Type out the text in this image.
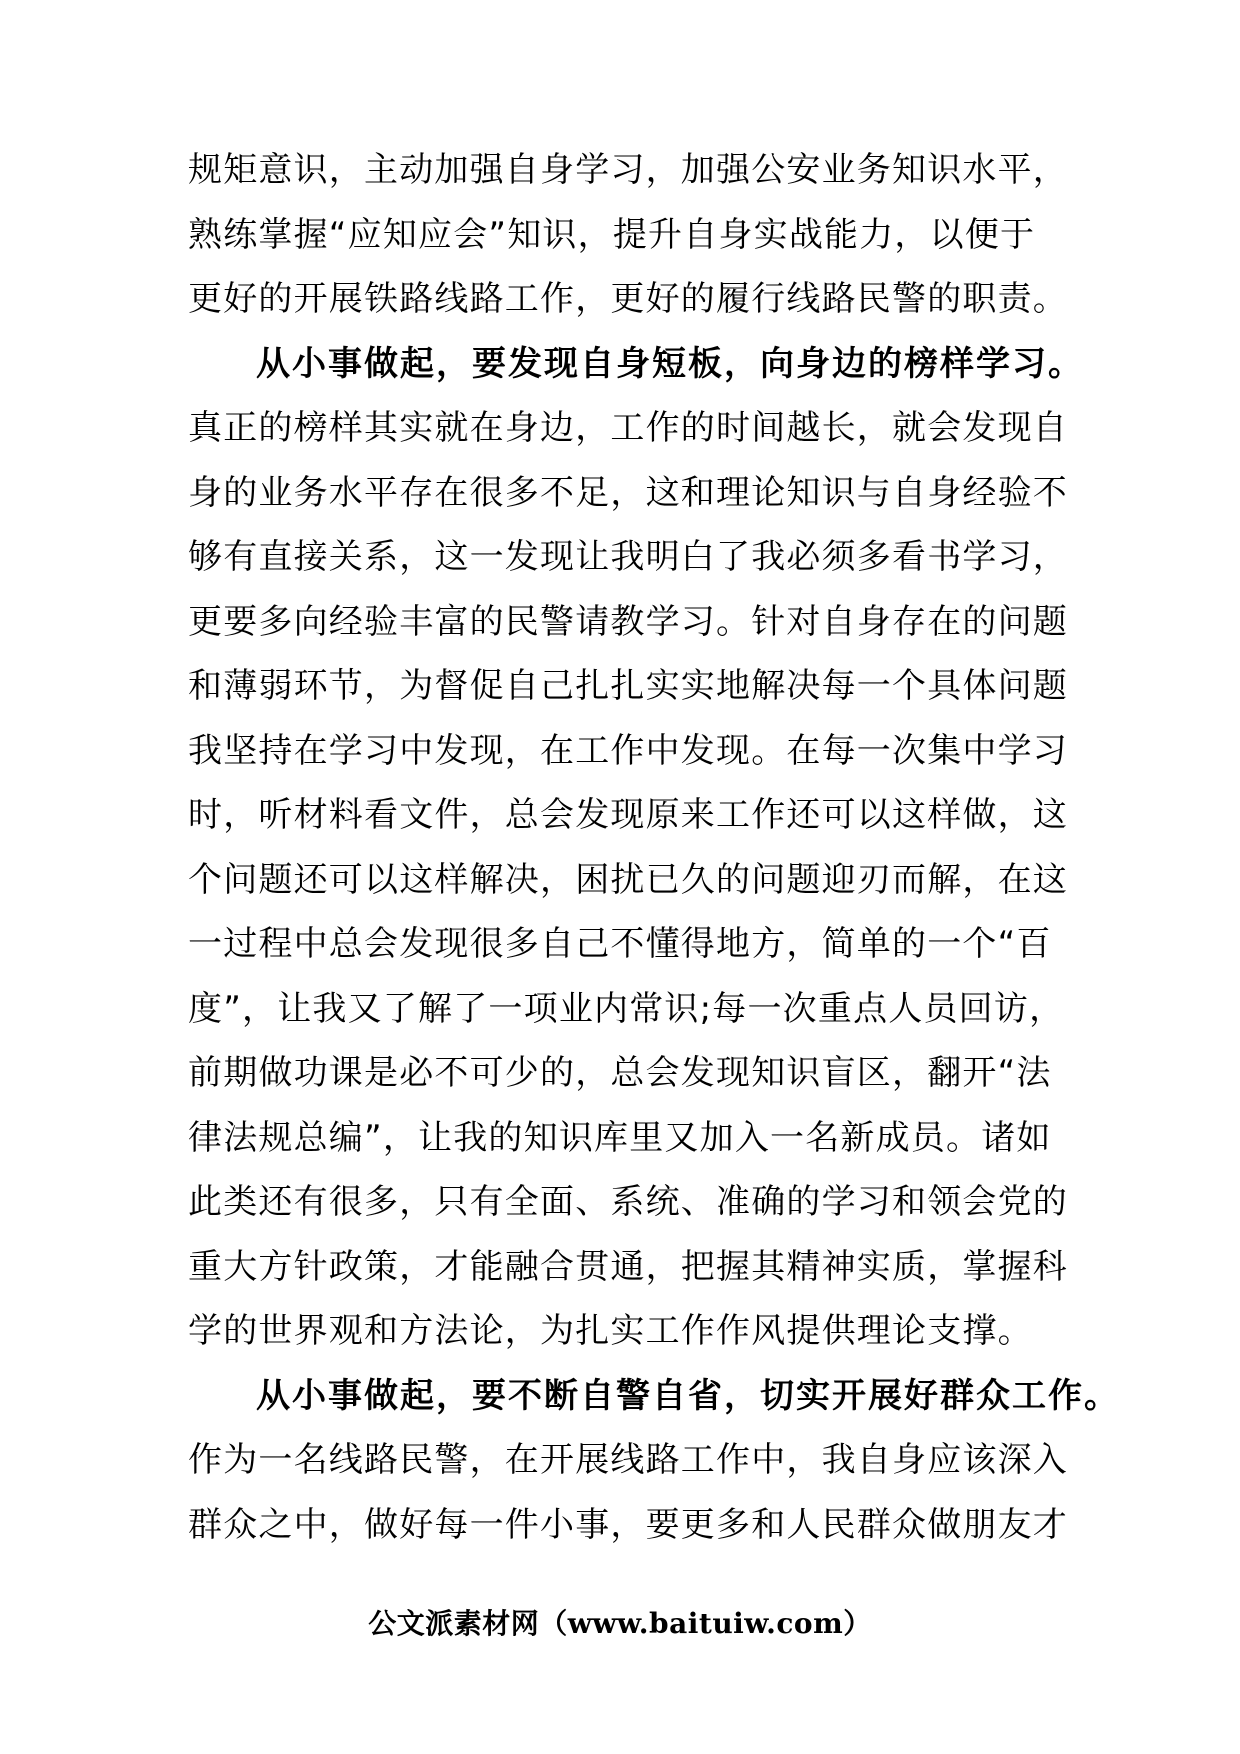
规矩意识，主动加强自身学习，加强公安业务知识水平，
熟练掌握“应知应会”知识，提升自身实战能力，以便于
更好的开展铁路线路工作，更好的履行线路民警的职责。
从小事做起，要发现自身短板，向身边的榜样学习。
真正的榜样其实就在身边，工作的时间越长，就会发现自
身的业务水平存在很多不足，这和理论知识与自身经验不
够有直接关系，这一发现让我明白了我必须多看书学习，
更要多向经验丰富的民警请教学习。针对自身存在的问题
和薄弱环节，为督促自己扎扎实实地解决每一个具体问题
我坚持在学习中发现，在工作中发现。在每一次集中学习
时，听材料看文件，总会发现原来工作还可以这样做，这
个问题还可以这样解决，困扰已久的问题迎刃而解，在这
一过程中总会发现很多自己不懂得地方，简单的一个“百
度”，让我又了解了一项业内常识;每一次重点人员回访，
前期做功课是必不可少的，总会发现知识盲区，翻开“法
律法规总编”，让我的知识库里又加入一名新成员。诸如
此类还有很多，只有全面、系统、准确的学习和领会党的
重大方针政策，才能融合贯通，把握其精神实质，掌握科
学的世界观和方法论，为扎实工作作风提供理论支撑。
从小事做起，要不断自警自省，切实开展好群众工作。
作为一名线路民警，在开展线路工作中，我自身应该深入
群众之中，做好每一件小事，要更多和人民群众做朋友才
公文派素材网（www.baituiw.com）
